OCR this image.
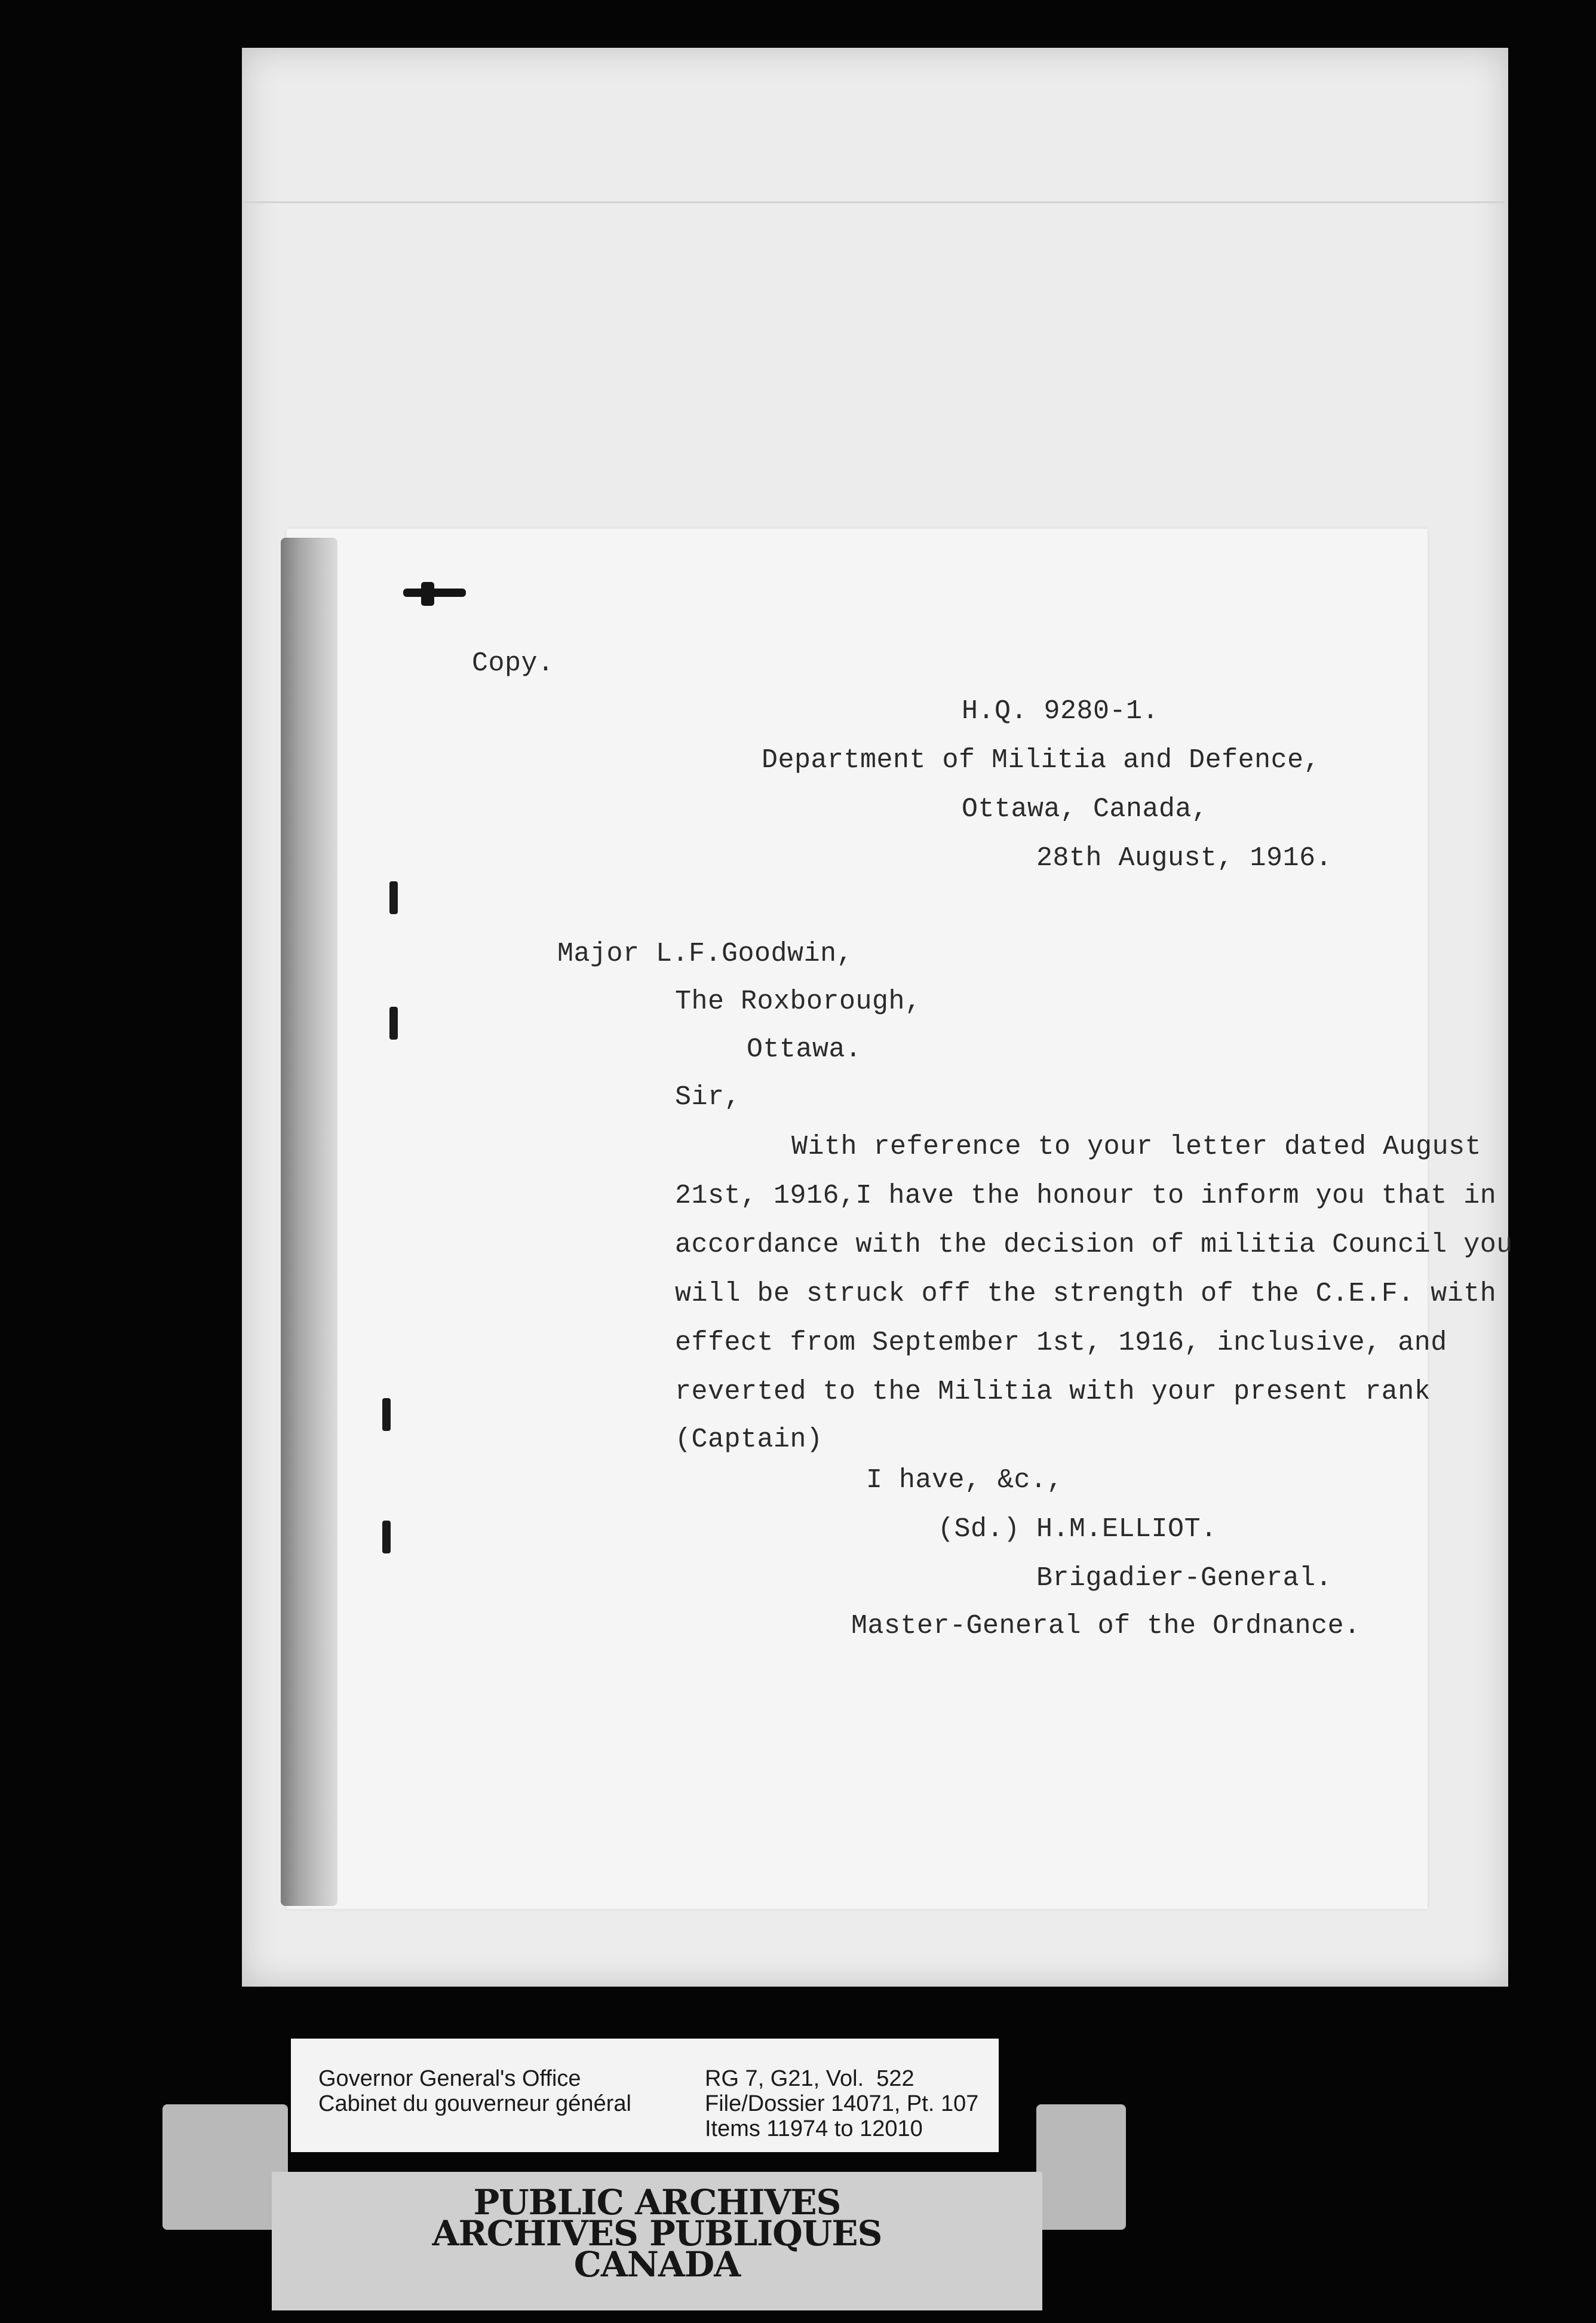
Copy.

H.Q. 9280-1.

Department of Militia and Defence,

Ottawa, Canada,

28th August, 1916.

Major L.F.Goodwin,

The Roxborough,

Ottawa.

Sir,

With reference to your letter dated August

21st, 1916,I have the honour to inform you that in

accordance with the decision of militia Council you

will be struck off the strength of the C.E.F. with

effect from September 1st, 1916, inclusive, and

reverted to the Militia with your present rank

(Captain)

I have, &c.,

(Sd.) H.M.ELLIOT.

Brigadier-General.

Master-General of the Ordnance.

Governor General's Office

Cabinet du gouverneur général

RG 7, G21, Vol.  522

File/Dossier 14071, Pt. 107

Items 11974 to 12010

PUBLIC ARCHIVES

ARCHIVES PUBLIQUES

CANADA
